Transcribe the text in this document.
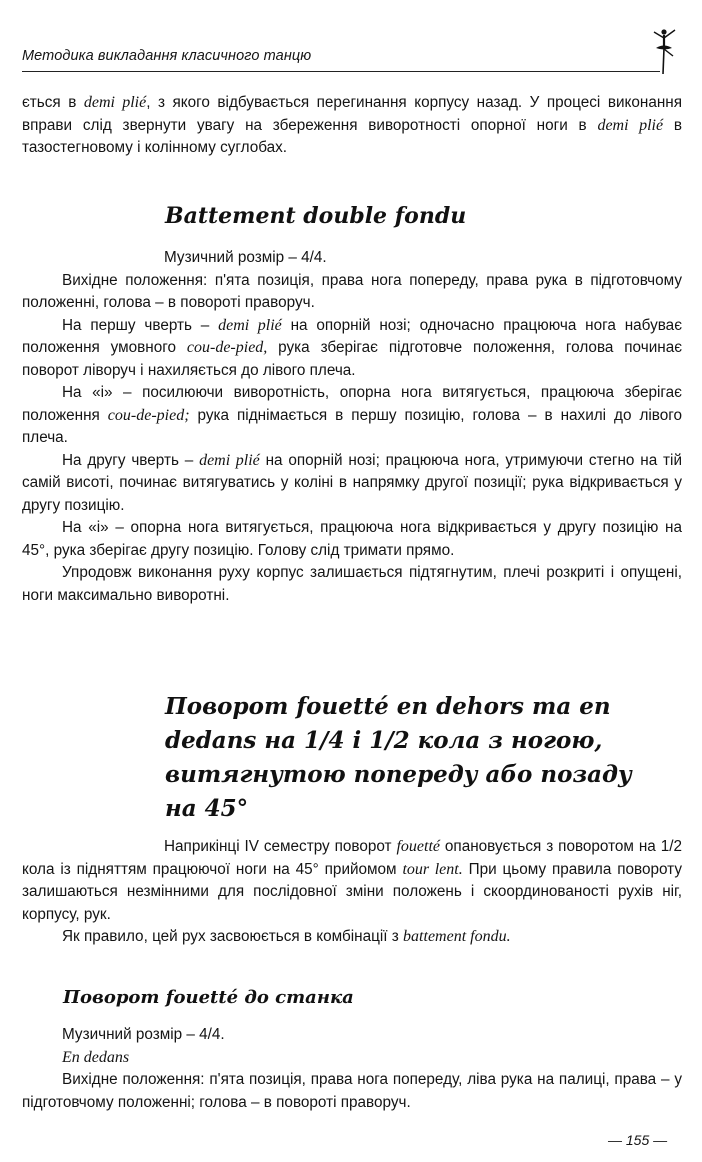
Методика викладання класичного танцю

ється в demi plié, з якого відбувається перегинання корпусу назад. У процесі виконання вправи слід звернути увагу на збереження виворотності опорної ноги в demi plié в тазостегновому і колінному суглобах.

Battement double fondu

Музичний розмір – 4/4.

Вихідне положення: п'ята позиція, права нога попереду, права рука в підготовчому положенні, голова – в повороті праворуч.

На першу чверть – demi plié на опорній нозі; одночасно працююча нога набуває положення умовного cou-de-pied, рука зберігає підготовче положення, голова починає поворот ліворуч і нахиляється до лівого плеча.

На «і» – посилюючи виворотність, опорна нога витягується, працююча зберігає положення cou-de-pied; рука піднімається в першу позицію, голова – в нахилі до лівого плеча.

На другу чверть – demi plié на опорній нозі; працююча нога, утримуючи стегно на тій самій висоті, починає витягуватись у коліні в напрямку другої позиції; рука відкривається у другу позицію.

На «і» – опорна нога витягується, працююча нога відкривається у другу позицію на 45°, рука зберігає другу позицію. Голову слід тримати прямо.

Упродовж виконання руху корпус залишається підтягнутим, плечі розкриті і опущені, ноги максимально виворотні.

Поворот fouetté en dehors та en dedans на 1/4 і 1/2 кола з ногою, витягнутою попереду або позаду на 45°

Наприкінці IV семестру поворот fouetté опановується з поворотом на 1/2 кола із підняттям працюючої ноги на 45° прийомом tour lent. При цьому правила повороту залишаються незмінними для послідовної зміни положень і скоординованості рухів ніг, корпусу, рук.

Як правило, цей рух засвоюється в комбінації з battement fondu.

Поворот fouetté до станка

Музичний розмір – 4/4.

En dedans

Вихідне положення: п'ята позиція, права нога попереду, ліва рука на палиці, права – у підготовчому положенні; голова – в повороті праворуч.

— 155 —
